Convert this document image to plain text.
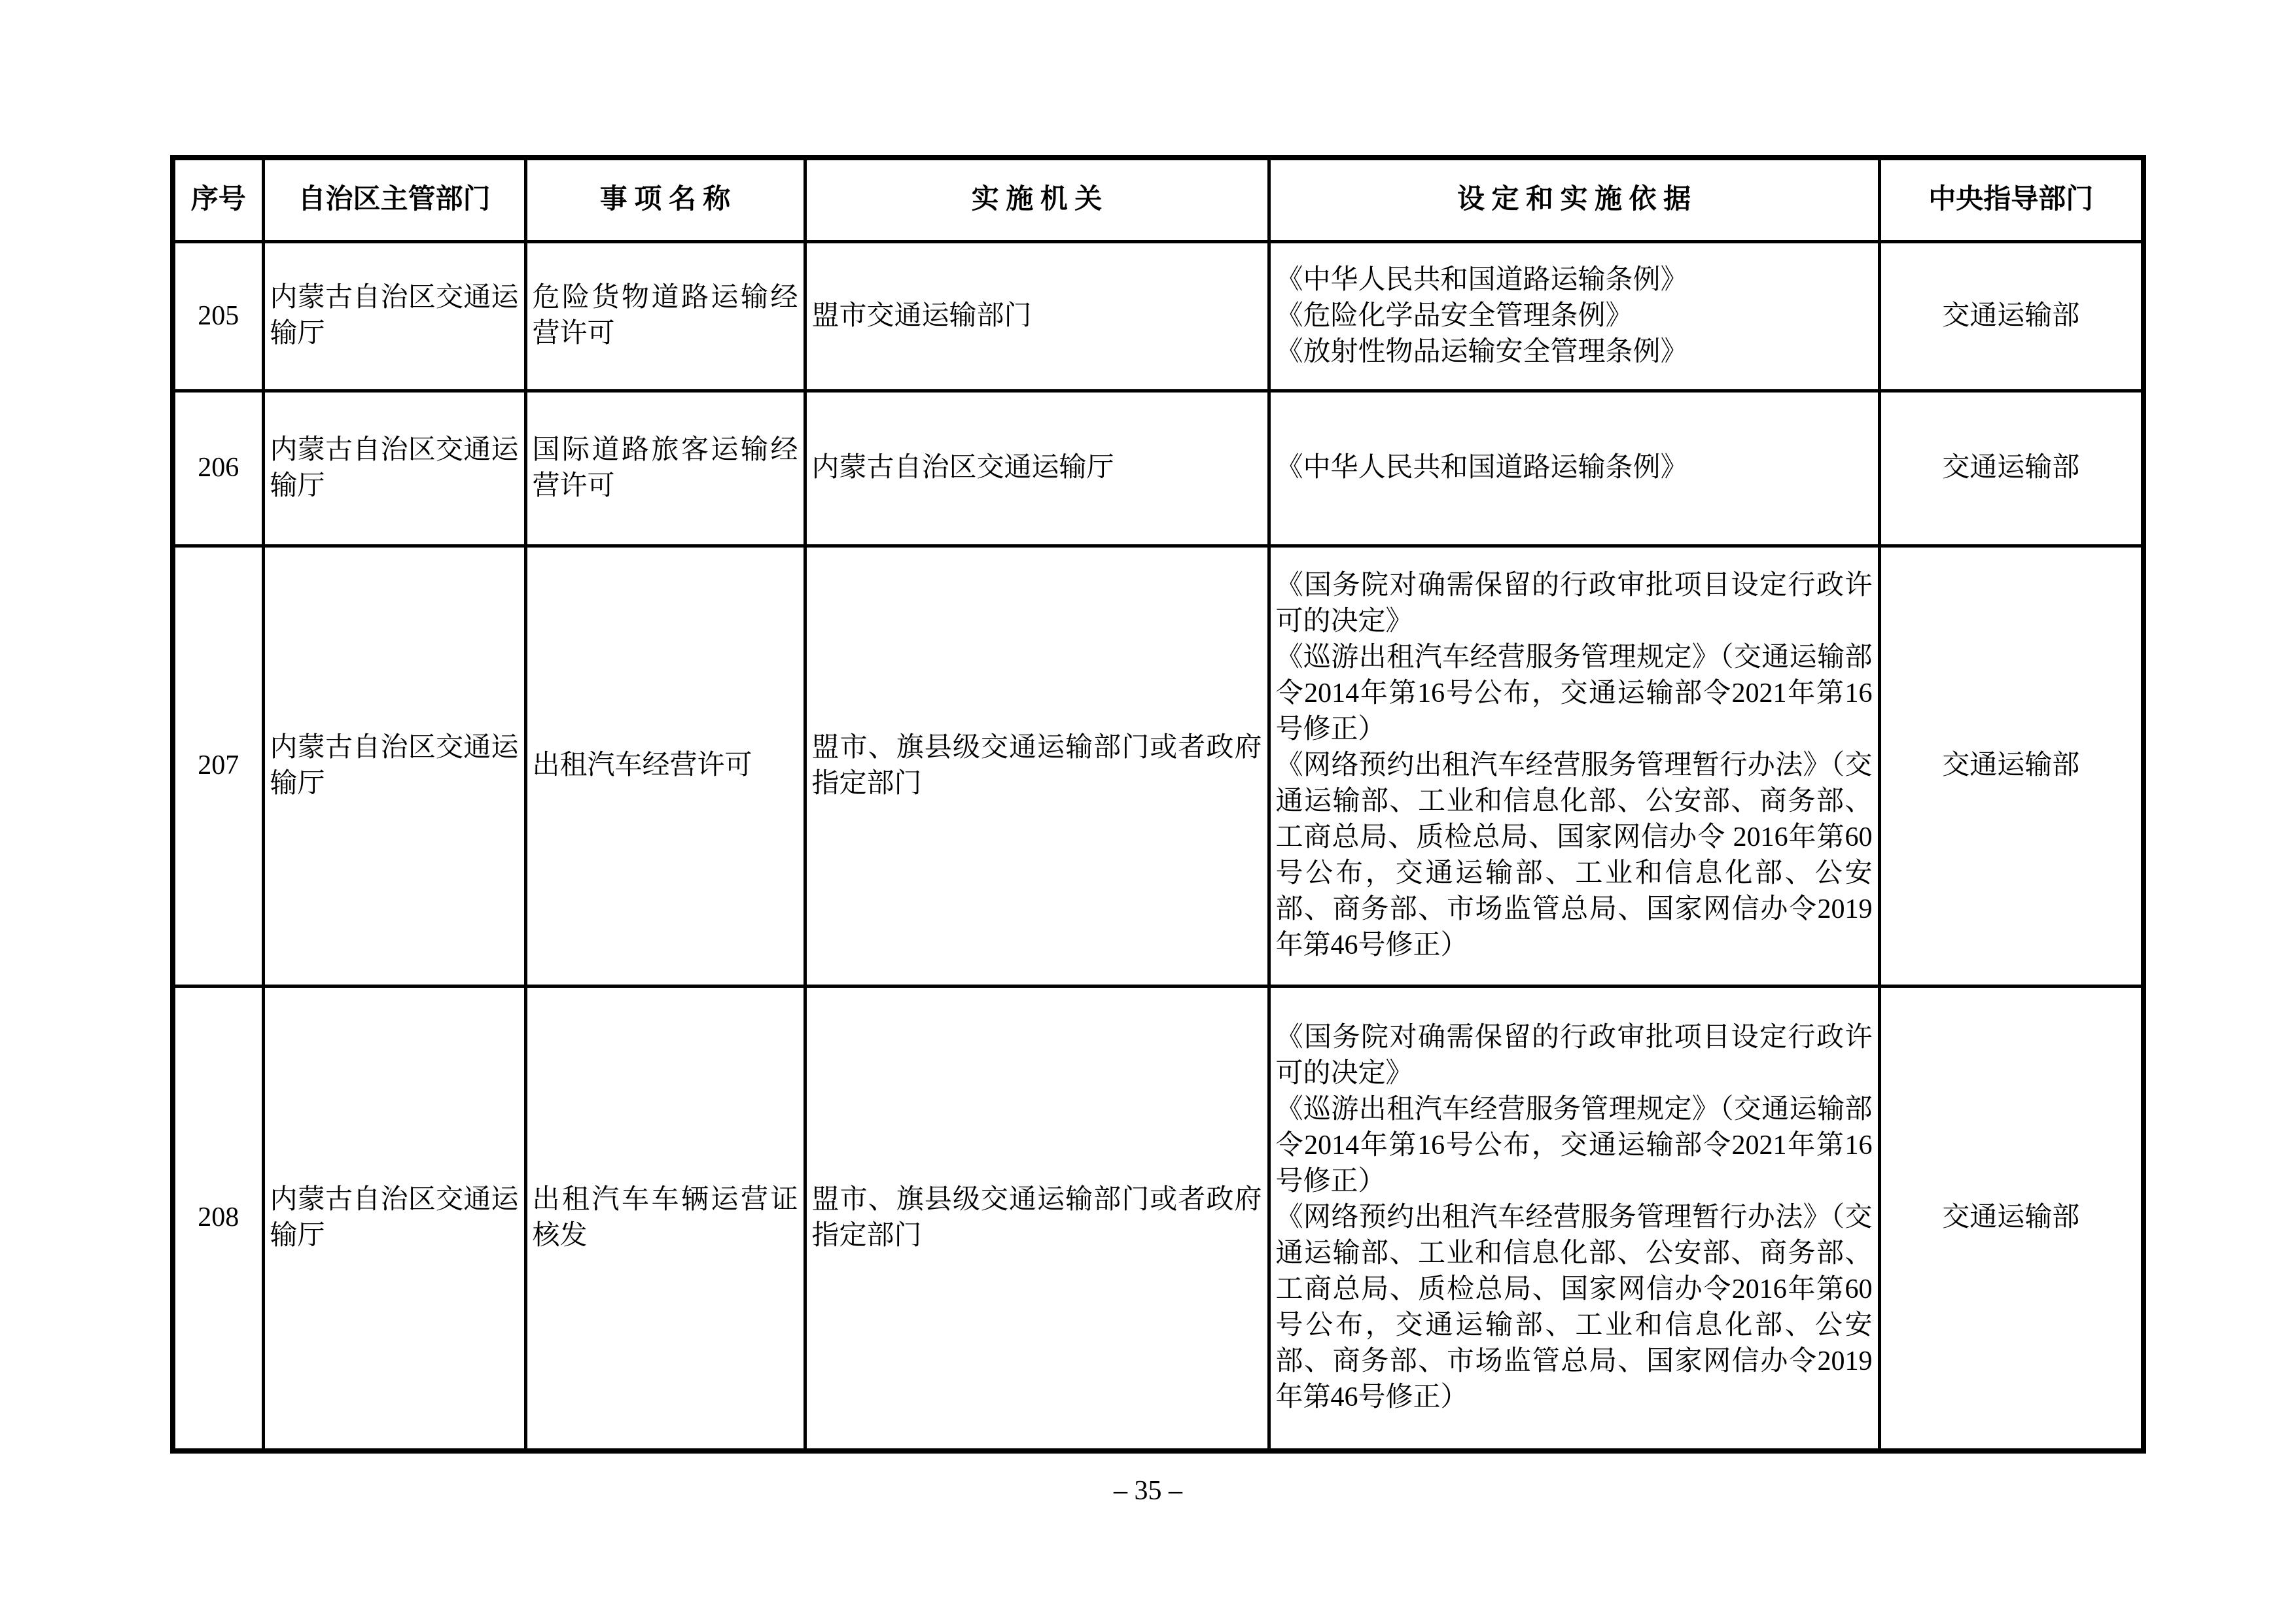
序号	自治区主管部门	事 项 名 称	实 施 机 关	设 定 和 实 施 依 据	中央指导部门
205	内蒙古自治区交通运输厅	危险货物道路运输经营许可	盟市交通运输部门	《中华人民共和国道路运输条例》
《危险化学品安全管理条例》
《放射性物品运输安全管理条例》	交通运输部
206	内蒙古自治区交通运输厅	国际道路旅客运输经营许可	内蒙古自治区交通运输厅	《中华人民共和国道路运输条例》	交通运输部
207	内蒙古自治区交通运输厅	出租汽车经营许可	盟市、旗县级交通运输部门或者政府指定部门	《国务院对确需保留的行政审批项目设定行政许可的决定》
《巡游出租汽车经营服务管理规定》（交通运输部令2014年第16号公布，交通运输部令2021年第16号修正）
《网络预约出租汽车经营服务管理暂行办法》（交通运输部、工业和信息化部、公安部、商务部、工商总局、质检总局、国家网信办令 2016年第60号公布，交通运输部、工业和信息化部、公安部、商务部、市场监管总局、国家网信办令2019年第46号修正）	交通运输部
208	内蒙古自治区交通运输厅	出租汽车车辆运营证核发	盟市、旗县级交通运输部门或者政府指定部门	《国务院对确需保留的行政审批项目设定行政许可的决定》
《巡游出租汽车经营服务管理规定》（交通运输部令2014年第16号公布，交通运输部令2021年第16号修正）
《网络预约出租汽车经营服务管理暂行办法》（交通运输部、工业和信息化部、公安部、商务部、工商总局、质检总局、国家网信办令2016年第60号公布，交通运输部、工业和信息化部、公安部、商务部、市场监管总局、国家网信办令2019年第46号修正）	交通运输部
– 35 –
